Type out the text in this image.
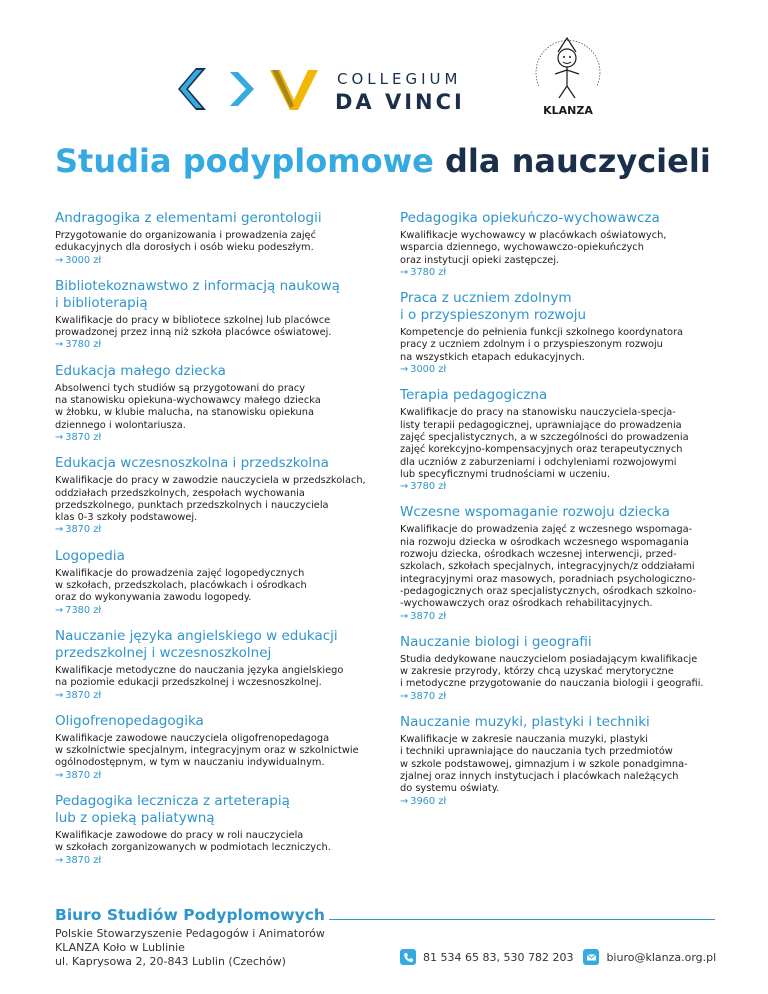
COLLEGIUM
DA VINCI	KLANZA
Studia podyplomowe dla nauczycieli
Andragogika z elementami gerontologii
Przygotowanie do organizowania i prowadzenia zajęć
edukacyjnych dla dorosłych i osób wieku podeszłym.
→ 3000 zł
Bibliotekoznawstwo z informacją naukową
i biblioterapią
Kwalifikacje do pracy w bibliotece szkolnej lub placówce
prowadzonej przez inną niż szkoła placówce oświatowej.
→ 3780 zł
Edukacja małego dziecka
Absolwenci tych studiów są przygotowani do pracy
na stanowisku opiekuna-wychowawcy małego dziecka
w żłobku, w klubie malucha, na stanowisku opiekuna
dziennego i wolontariusza.
→ 3870 zł
Edukacja wczesnoszkolna i przedszkolna
Kwalifikacje do pracy w zawodzie nauczyciela w przedszkolach,
oddziałach przedszkolnych, zespołach wychowania
przedszkolnego, punktach przedszkolnych i nauczyciela
klas 0-3 szkoły podstawowej.
→ 3870 zł
Logopedia
Kwalifikacje do prowadzenia zajęć logopedycznych
w szkołach, przedszkolach, placówkach i ośrodkach
oraz do wykonywania zawodu logopedy.
→ 7380 zł
Nauczanie języka angielskiego w edukacji
przedszkolnej i wczesnoszkolnej
Kwalifikacje metodyczne do nauczania języka angielskiego
na poziomie edukacji przedszkolnej i wczesnoszkolnej.
→ 3870 zł
Oligofrenopedagogika
Kwalifikacje zawodowe nauczyciela oligofrenopedagoga
w szkolnictwie specjalnym, integracyjnym oraz w szkolnictwie
ogólnodostępnym, w tym w nauczaniu indywidualnym.
→ 3870 zł
Pedagogika lecznicza z arteterapią
lub z opieką paliatywną
Kwalifikacje zawodowe do pracy w roli nauczyciela
w szkołach zorganizowanych w podmiotach leczniczych.
→ 3870 zł
Pedagogika opiekuńczo-wychowawcza
Kwalifikacje wychowawcy w placówkach oświatowych,
wsparcia dziennego, wychowawczo-opiekuńczych
oraz instytucji opieki zastępczej.
→ 3780 zł
Praca z uczniem zdolnym
i o przyspieszonym rozwoju
Kompetencje do pełnienia funkcji szkolnego koordynatora
pracy z uczniem zdolnym i o przyspieszonym rozwoju
na wszystkich etapach edukacyjnych.
→ 3000 zł
Terapia pedagogiczna
Kwalifikacje do pracy na stanowisku nauczyciela-specja-
listy terapii pedagogicznej, uprawniające do prowadzenia
zajęć specjalistycznych, a w szczególności do prowadzenia
zajęć korekcyjno-kompensacyjnych oraz terapeutycznych
dla uczniów z zaburzeniami i odchyleniami rozwojowymi
lub specyficznymi trudnościami w uczeniu.
→ 3780 zł
Wczesne wspomaganie rozwoju dziecka
Kwalifikacje do prowadzenia zajęć z wczesnego wspomaga-
nia rozwoju dziecka w ośrodkach wczesnego wspomagania
rozwoju dziecka, ośrodkach wczesnej interwencji, przed-
szkolach, szkołach specjalnych, integracyjnych/z oddziałami
integracyjnymi oraz masowych, poradniach psychologiczno-
-pedagogicznych oraz specjalistycznych, ośrodkach szkolno-
-wychowawczych oraz ośrodkach rehabilitacyjnych.
→ 3870 zł
Nauczanie biologi i geografii
Studia dedykowane nauczycielom posiadającym kwalifikacje
w zakresie przyrody, którzy chcą uzyskać merytoryczne
i metodyczne przygotowanie do nauczania biologii i geografii.
→ 3870 zł
Nauczanie muzyki, plastyki i techniki
Kwalifikacje w zakresie nauczania muzyki, plastyki
i techniki uprawniające do nauczania tych przedmiotów
w szkole podstawowej, gimnazjum i w szkole ponadgimna-
zjalnej oraz innych instytucjach i placówkach należących
do systemu oświaty.
→ 3960 zł
Biuro Studiów Podyplomowych
Polskie Stowarzyszenie Pedagogów i Animatorów
KLANZA Koło w Lublinie
ul. Kaprysowa 2, 20-843 Lublin (Czechów)	81 534 65 83, 530 782 203	biuro@klanza.org.pl
